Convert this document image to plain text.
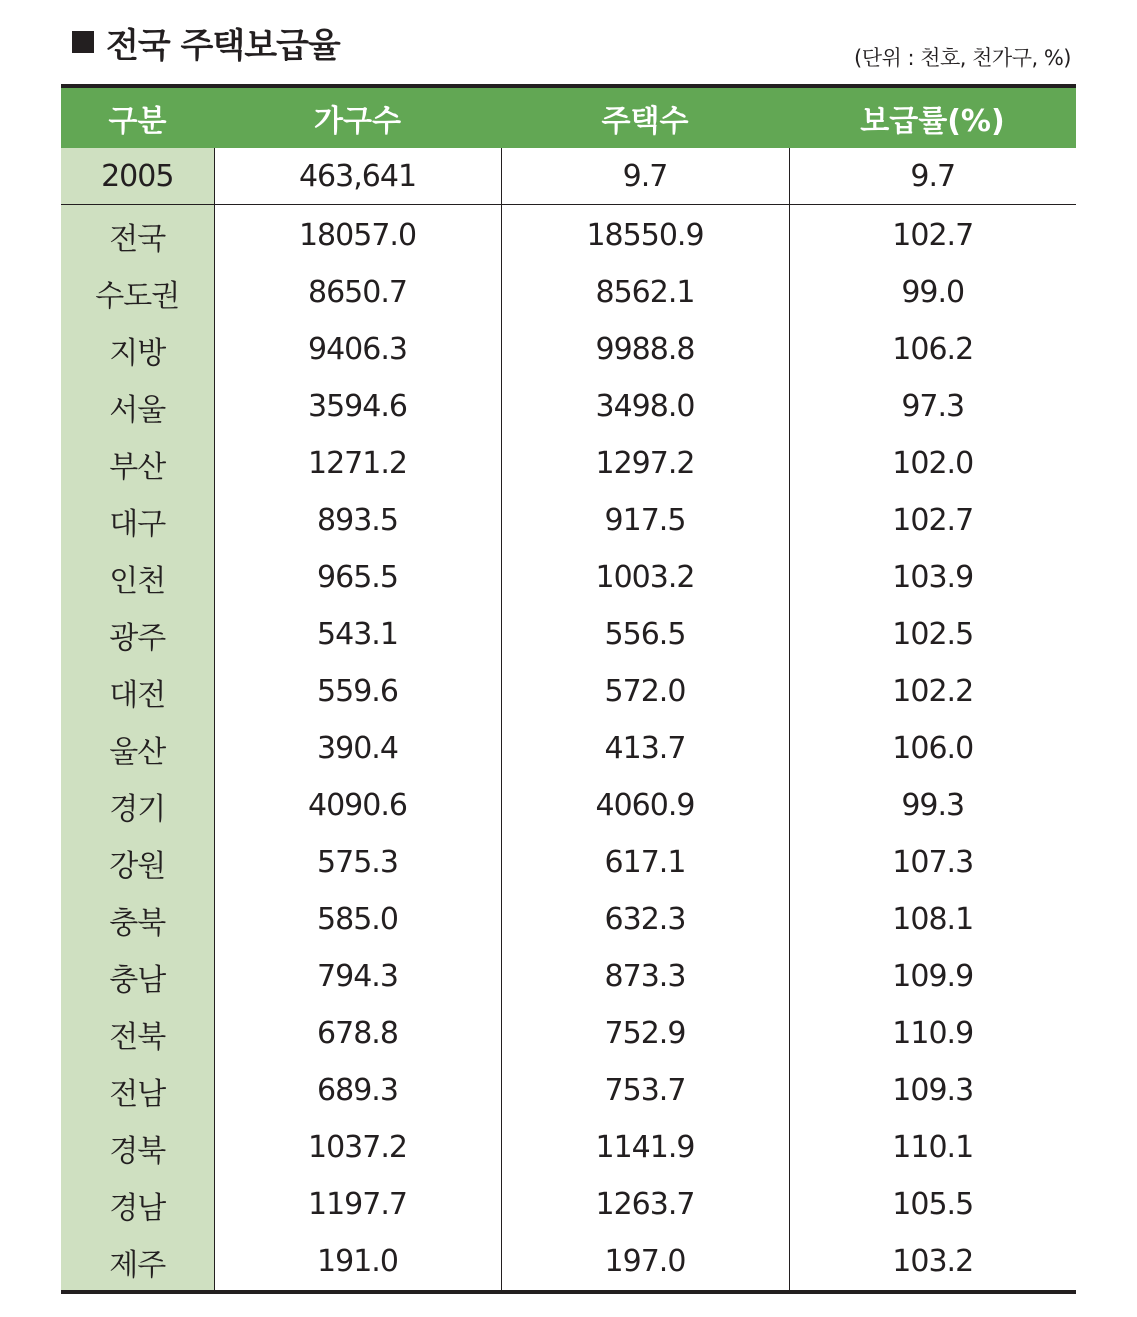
전국 주택보급율	(단위 : 천호, 천가구, %)
구분	가구수	주택수	보급률(%)
2005	463,641	9.7	9.7
전국	18057.0	18550.9	102.7
수도권	8650.7	8562.1	99.0
지방	9406.3	9988.8	106.2
서울	3594.6	3498.0	97.3
부산	1271.2	1297.2	102.0
대구	893.5	917.5	102.7
인천	965.5	1003.2	103.9
광주	543.1	556.5	102.5
대전	559.6	572.0	102.2
울산	390.4	413.7	106.0
경기	4090.6	4060.9	99.3
강원	575.3	617.1	107.3
충북	585.0	632.3	108.1
충남	794.3	873.3	109.9
전북	678.8	752.9	110.9
전남	689.3	753.7	109.3
경북	1037.2	1141.9	110.1
경남	1197.7	1263.7	105.5
제주	191.0	197.0	103.2
